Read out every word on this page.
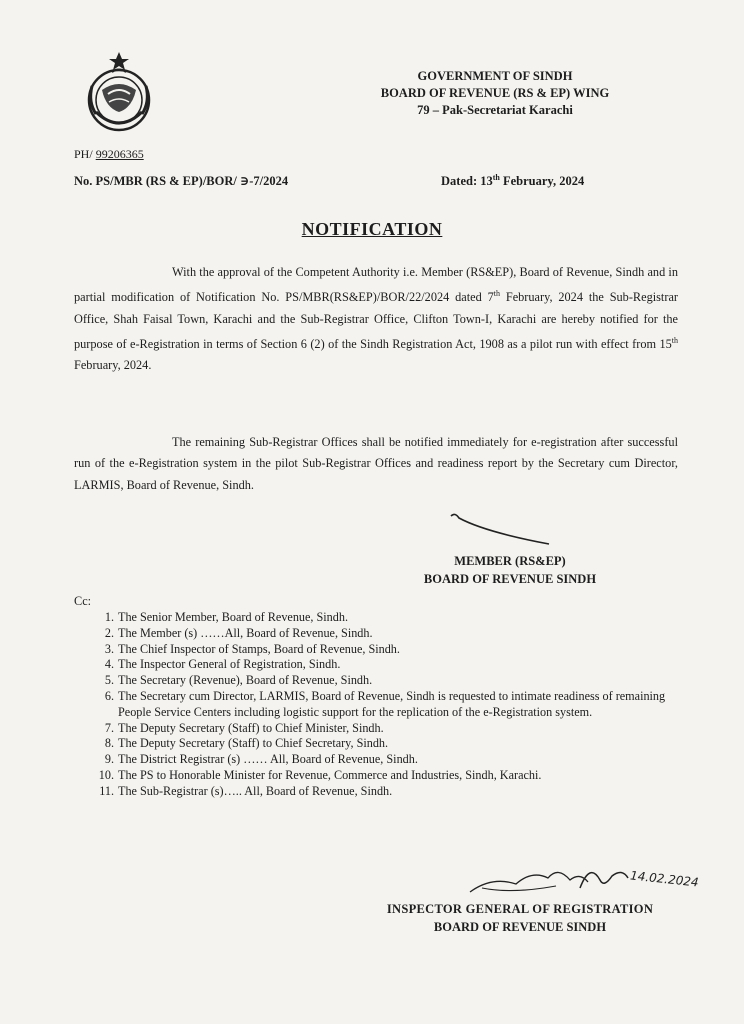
GOVERNMENT OF SINDH
BOARD OF REVENUE (RS & EP) WING
79 – Pak-Secretariat Karachi
PH/ 99206365
No. PS/MBR (RS & EP)/BOR/ ∋-7/2024	Dated: 13th February, 2024
NOTIFICATION
With the approval of the Competent Authority i.e. Member (RS&EP), Board of Revenue, Sindh and in partial modification of Notification No. PS/MBR(RS&EP)/BOR/22/2024 dated 7th February, 2024 the Sub-Registrar Office, Shah Faisal Town, Karachi and the Sub-Registrar Office, Clifton Town-I, Karachi are hereby notified for the purpose of e-Registration in terms of Section 6 (2) of the Sindh Registration Act, 1908 as a pilot run with effect from 15th February, 2024.
The remaining Sub-Registrar Offices shall be notified immediately for e-registration after successful run of the e-Registration system in the pilot Sub-Registrar Offices and readiness report by the Secretary cum Director, LARMIS, Board of Revenue, Sindh.
MEMBER (RS&EP)
BOARD OF REVENUE SINDH
Cc:
1. The Senior Member, Board of Revenue, Sindh.
2. The Member (s) ……All, Board of Revenue, Sindh.
3. The Chief Inspector of Stamps, Board of Revenue, Sindh.
4. The Inspector General of Registration, Sindh.
5. The Secretary (Revenue), Board of Revenue, Sindh.
6. The Secretary cum Director, LARMIS, Board of Revenue, Sindh is requested to intimate readiness of remaining People Service Centers including logistic support for the replication of the e-Registration system.
7. The Deputy Secretary (Staff) to Chief Minister, Sindh.
8. The Deputy Secretary (Staff) to Chief Secretary, Sindh.
9. The District Registrar (s) …… All, Board of Revenue, Sindh.
10. The PS to Honorable Minister for Revenue, Commerce and Industries, Sindh, Karachi.
11. The Sub-Registrar (s)….. All, Board of Revenue, Sindh.
14.02.2024
INSPECTOR GENERAL OF REGISTRATION
BOARD OF REVENUE SINDH
